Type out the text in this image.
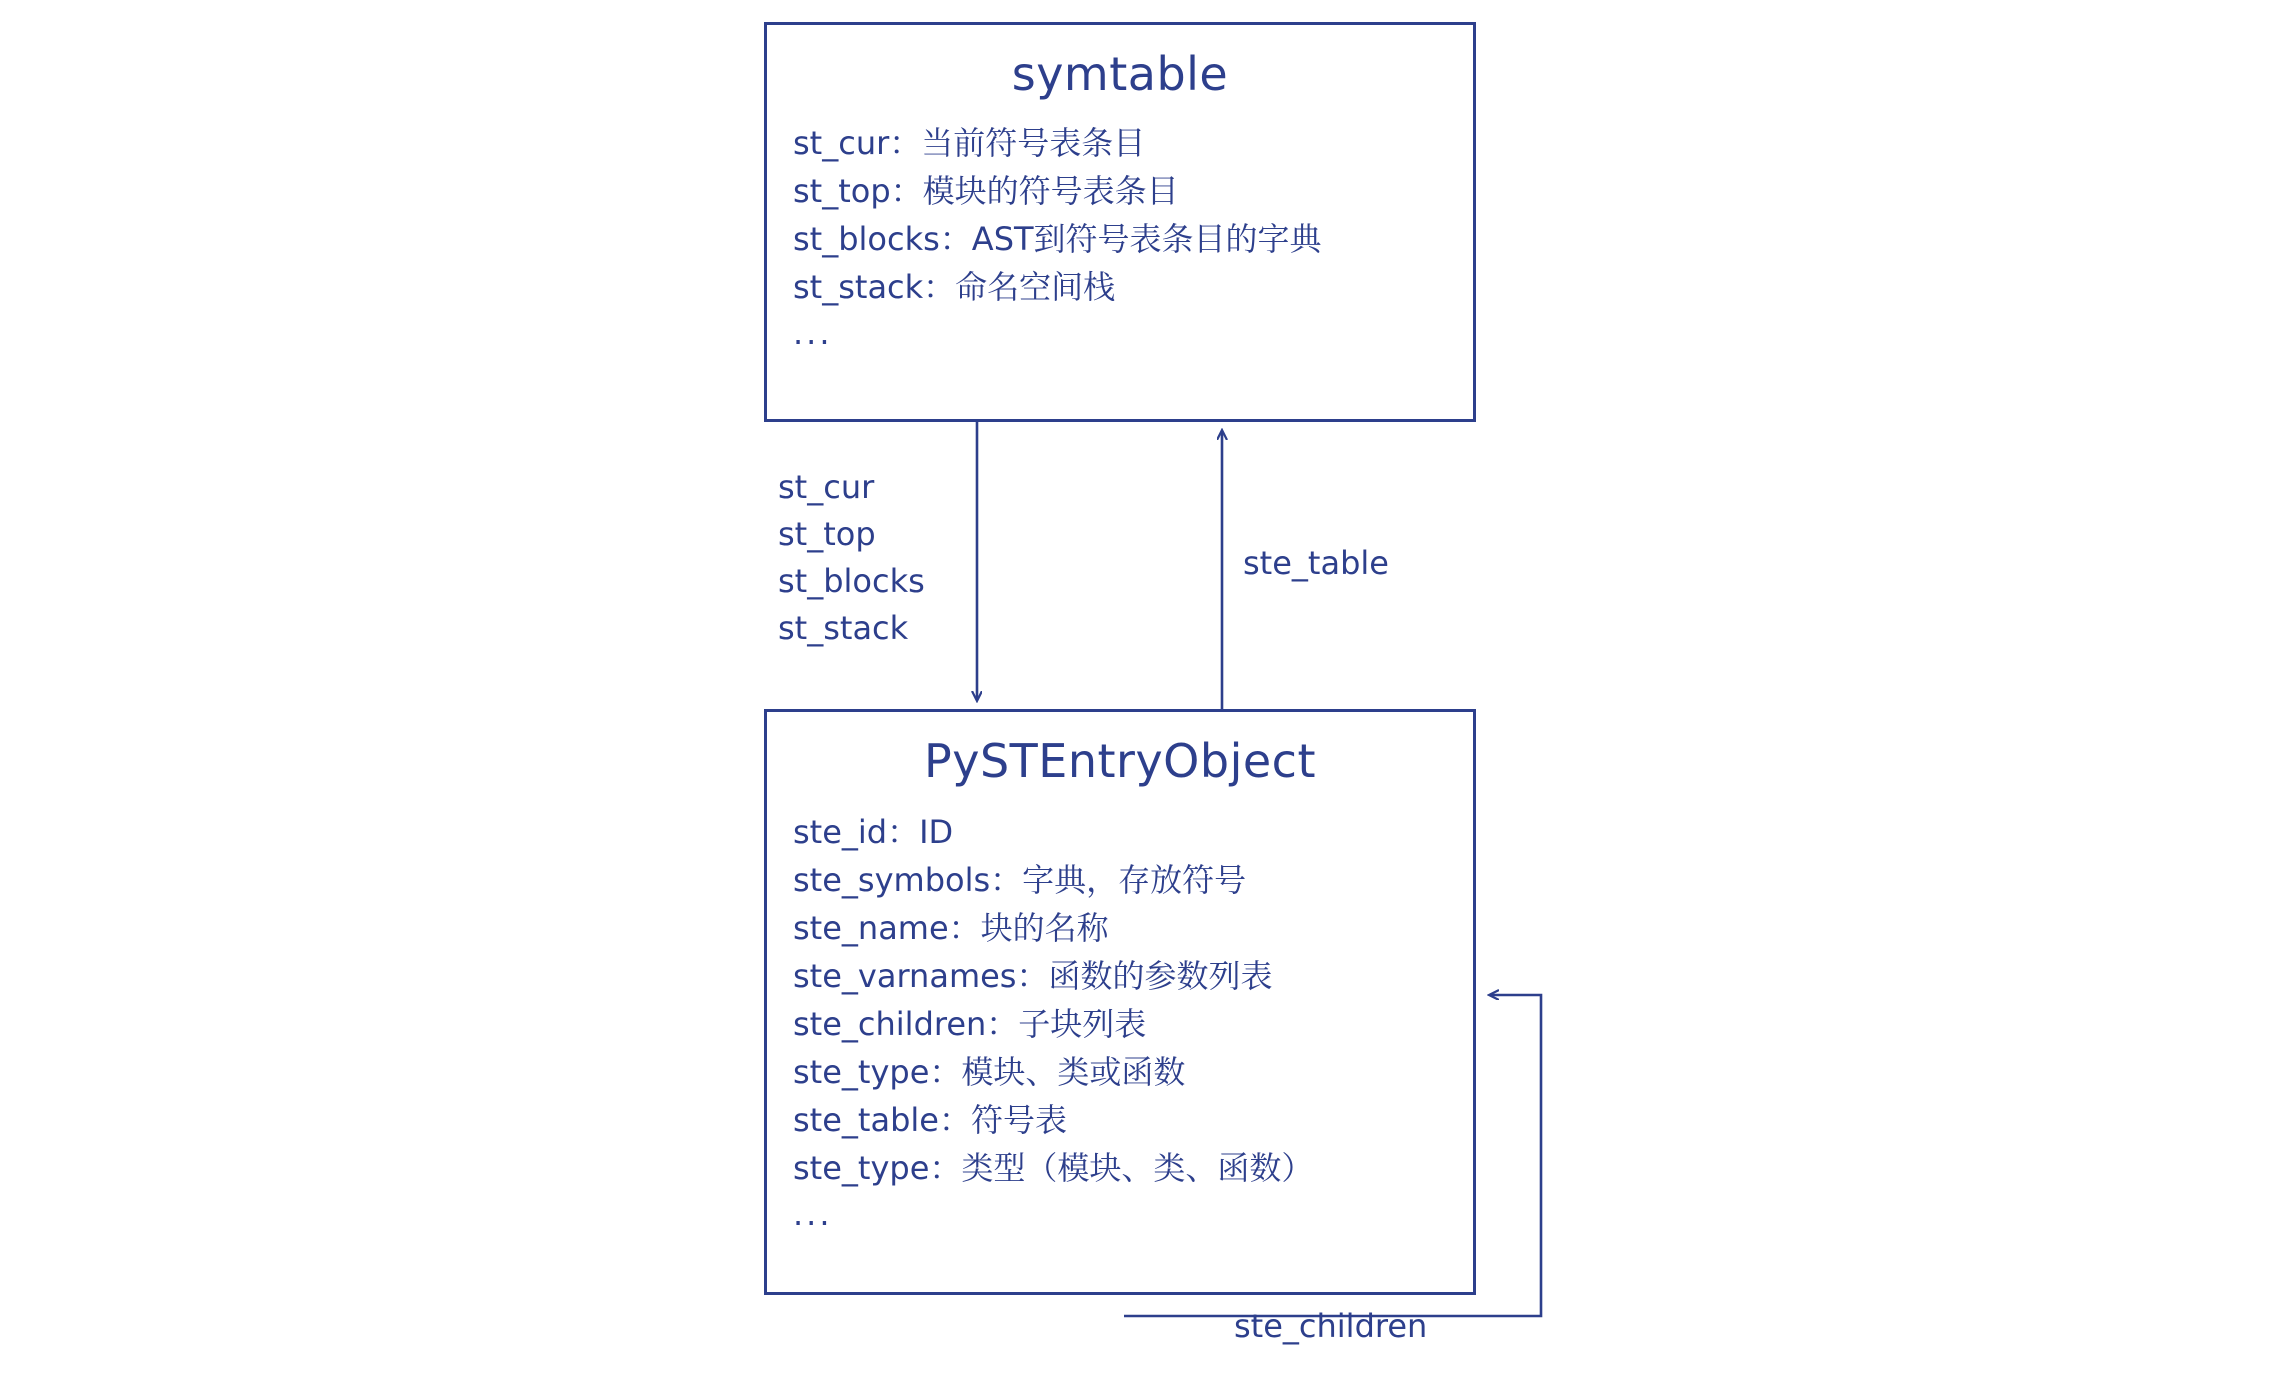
symtable
st_cur：当前符号表条目
st_top：模块的符号表条目
st_blocks：AST到符号表条目的字典
st_stack：命名空间栈
...
PySTEntryObject
ste_id：ID
ste_symbols：字典，存放符号
ste_name：块的名称
ste_varnames：函数的参数列表
ste_children：子块列表
ste_type：模块、类或函数
ste_table：符号表
ste_type：类型（模块、类、函数）
...
st_cur
st_top
st_blocks
st_stack
ste_table
ste_children
